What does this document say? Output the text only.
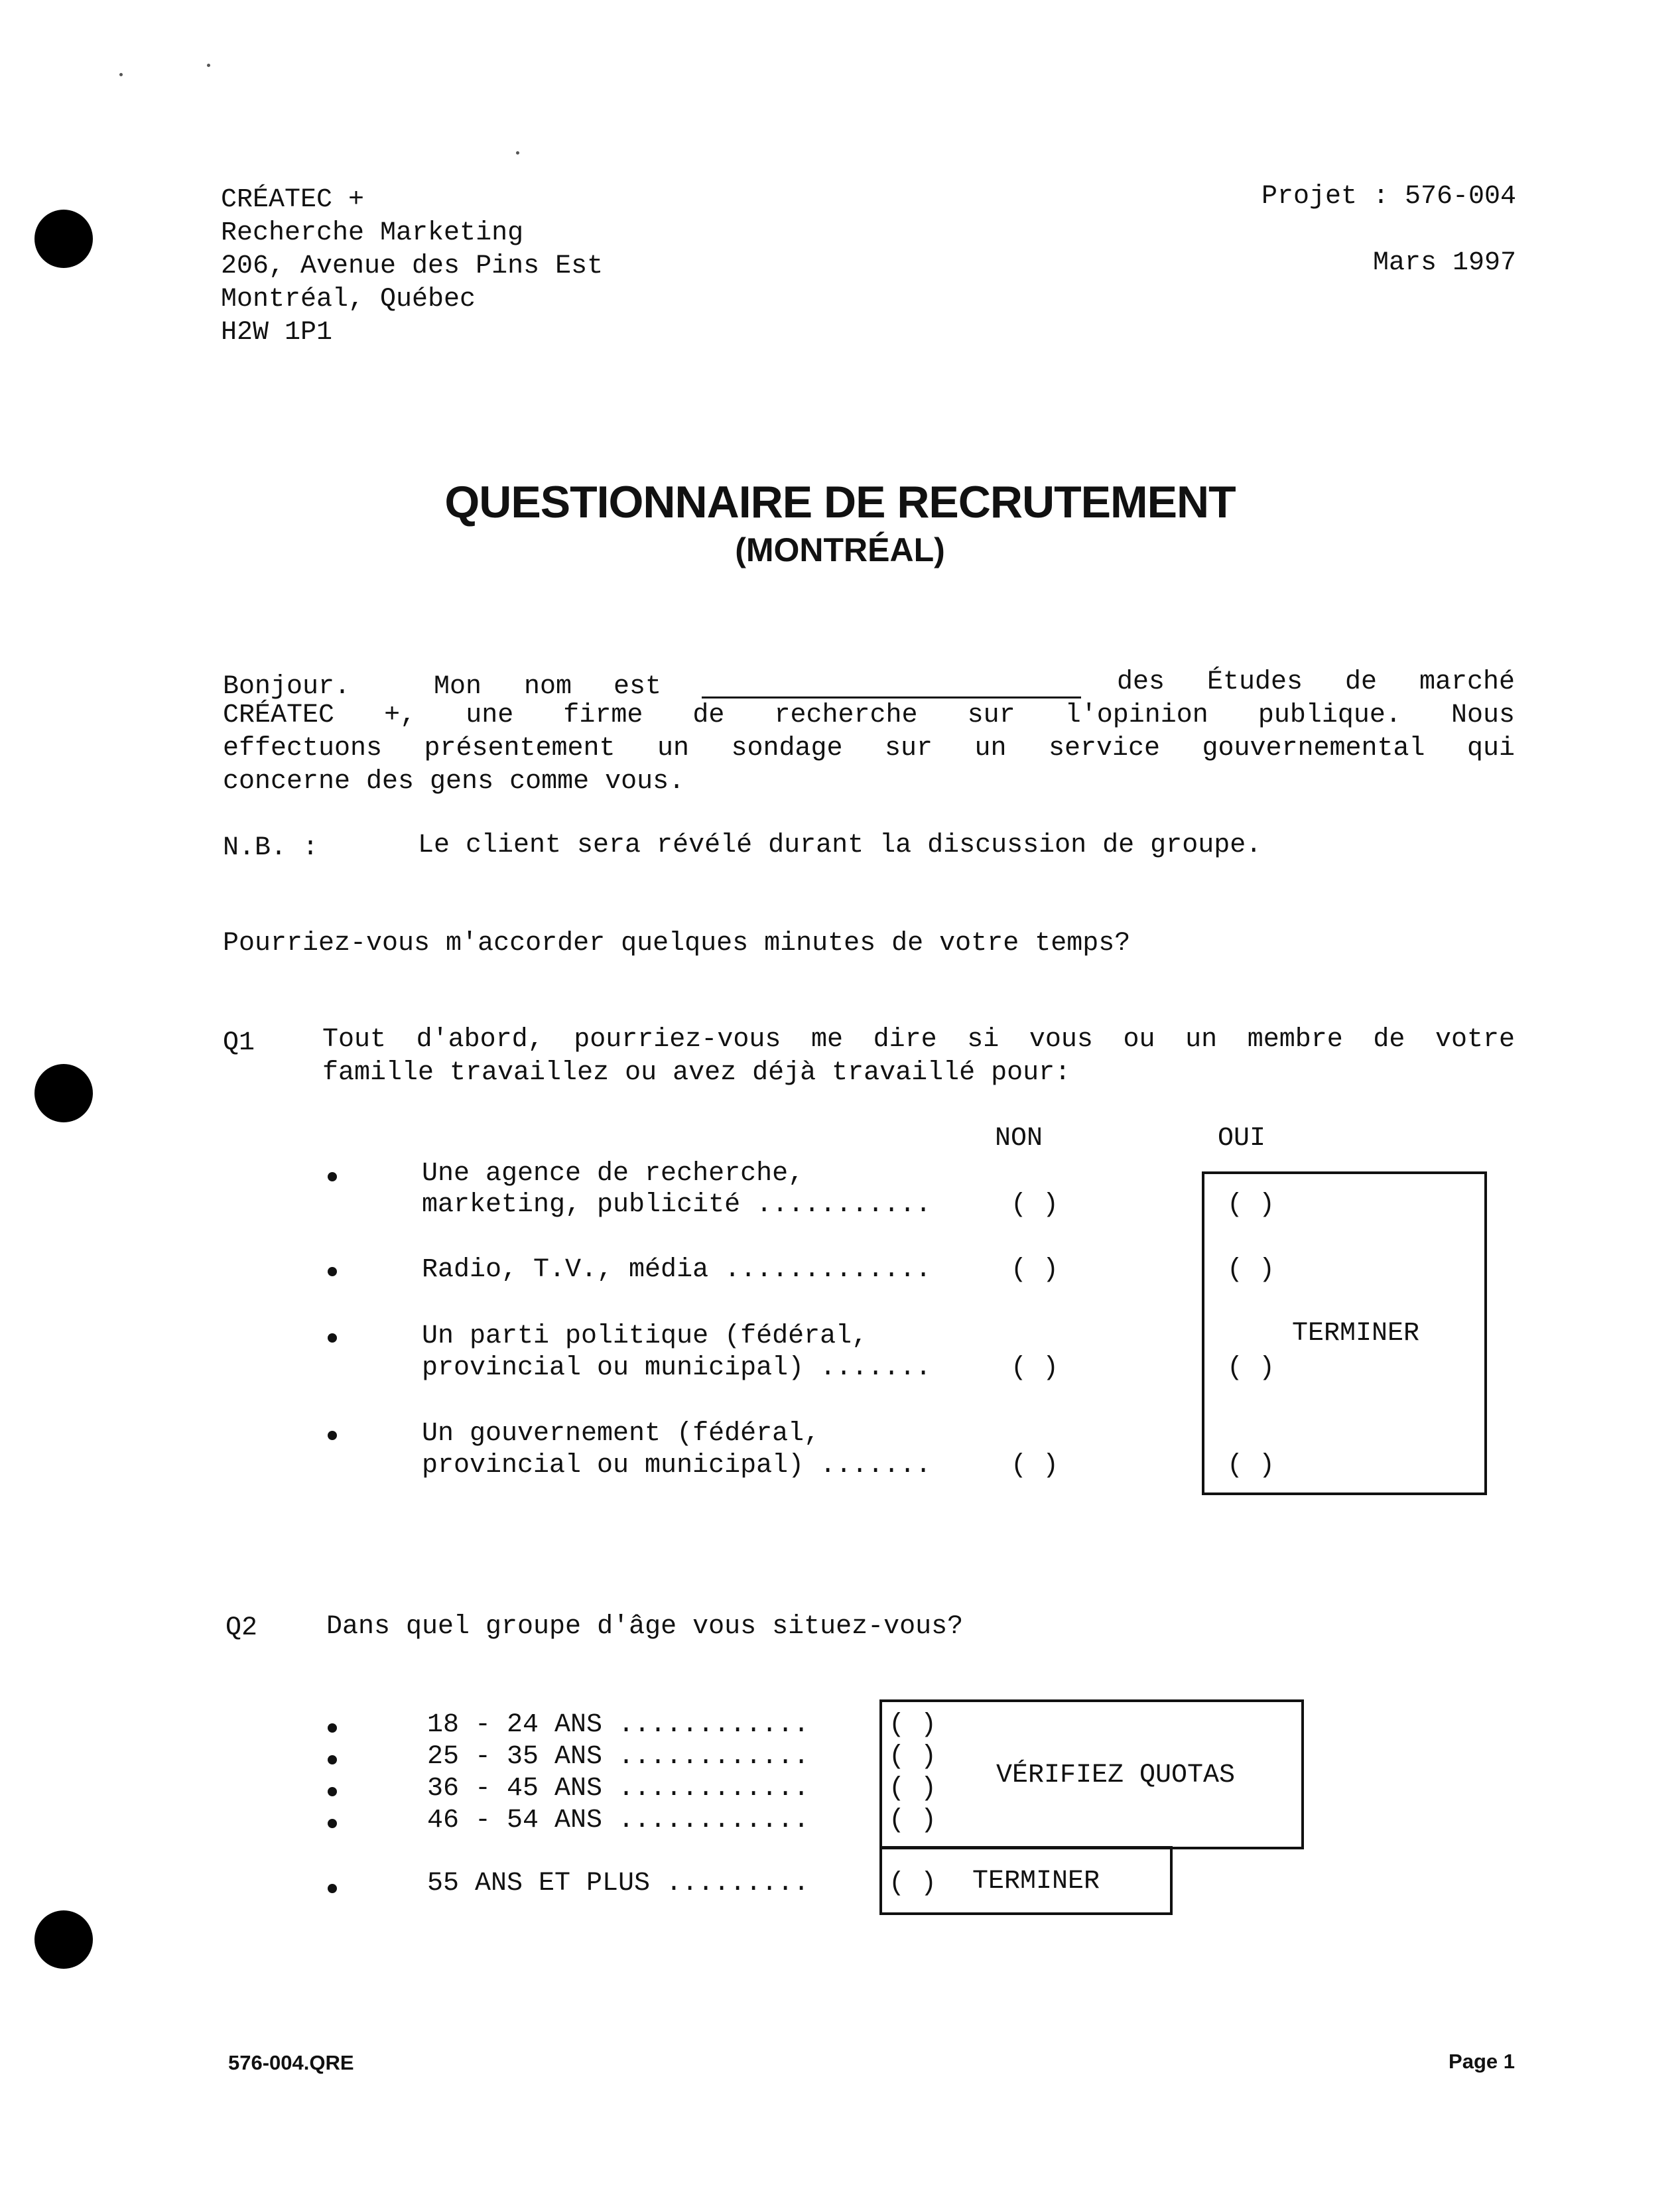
CRÉATEC +
Recherche Marketing
206, Avenue des Pins Est
Montréal, Québec
H2W 1P1
Projet : 576-004
Mars 1997
QUESTIONNAIRE DE RECRUTEMENT
(MONTRÉAL)
Bonjour.	Mon nom est	des Études de marché
CRÉATEC +, une firme de recherche sur l'opinion publique. Nous
effectuons présentement un sondage sur un service gouvernemental qui
concerne des gens comme vous.
N.B. :	Le client sera révélé durant la discussion de groupe.
Pourriez-vous m'accorder quelques minutes de votre temps?
Q1	Tout d'abord, pourriez-vous me dire si vous ou un membre de votre
famille travaillez ou avez déjà travaillé pour:
NON	OUI
Une agence de recherche,
marketing, publicité ...........	( )	( )
Radio, T.V., média .............	( )	( )
Un parti politique (fédéral,
provincial ou municipal) .......	( )	( )
Un gouvernement (fédéral,
provincial ou municipal) .......	( )	( )
TERMINER
Q2	Dans quel groupe d'âge vous situez-vous?
18 - 24 ANS ............	( )
25 - 35 ANS ............	( )
36 - 45 ANS ............	( )
46 - 54 ANS ............	( )
55 ANS ET PLUS .........	( )
VÉRIFIEZ QUOTAS
TERMINER
576-004.QRE	Page 1
